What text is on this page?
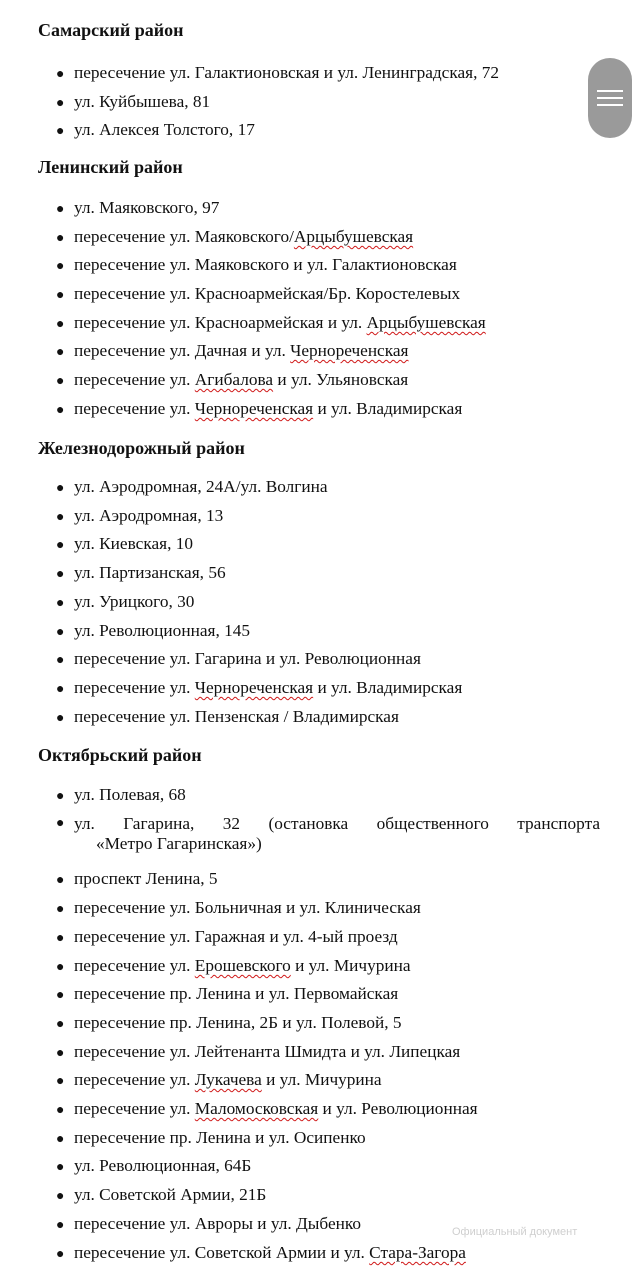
Самарский район

● пересечение ул. Галактионовская и ул. Ленинградская, 72

● ул. Куйбышева, 81

● ул. Алексея Толстого, 17

Ленинский район

● ул. Маяковского, 97

● пересечение ул. Маяковского/Арцыбушевская

● пересечение ул. Маяковского и ул. Галактионовская

● пересечение ул. Красноармейская/Бр. Коростелевых

● пересечение ул. Красноармейская и ул. Арцыбушевская

● пересечение ул. Дачная и ул. Чернореченская

● пересечение ул. Агибалова и ул. Ульяновская

● пересечение ул. Чернореченская и ул. Владимирская

Железнодорожный район

● ул. Аэродромная, 24А/ул. Волгина

● ул. Аэродромная, 13

● ул. Киевская, 10

● ул. Партизанская, 56

● ул. Урицкого, 30

● ул. Революционная, 145

● пересечение ул. Гагарина и ул. Революционная

● пересечение ул. Чернореченская и ул. Владимирская

● пересечение ул. Пензенская / Владимирская

Октябрьский район

● ул. Полевая, 68

● ул. Гагарина, 32 (остановка общественного транспорта
«Метро Гагаринская»)

● проспект Ленина, 5

● пересечение ул. Больничная и ул. Клиническая

● пересечение ул. Гаражная и ул. 4-ый проезд

● пересечение ул. Ерошевского и ул. Мичурина

● пересечение пр. Ленина и ул. Первомайская

● пересечение пр. Ленина, 2Б и ул. Полевой, 5

● пересечение ул. Лейтенанта Шмидта и ул. Липецкая

● пересечение ул. Лукачева и ул. Мичурина

● пересечение ул. Маломосковская и ул. Революционная

● пересечение пр. Ленина и ул. Осипенко

● ул. Революционная, 64Б

● ул. Советской Армии, 21Б

● пересечение ул. Авроры и ул. Дыбенко

● пересечение ул. Советской Армии и ул. Стара-Загора

Официальный документ
